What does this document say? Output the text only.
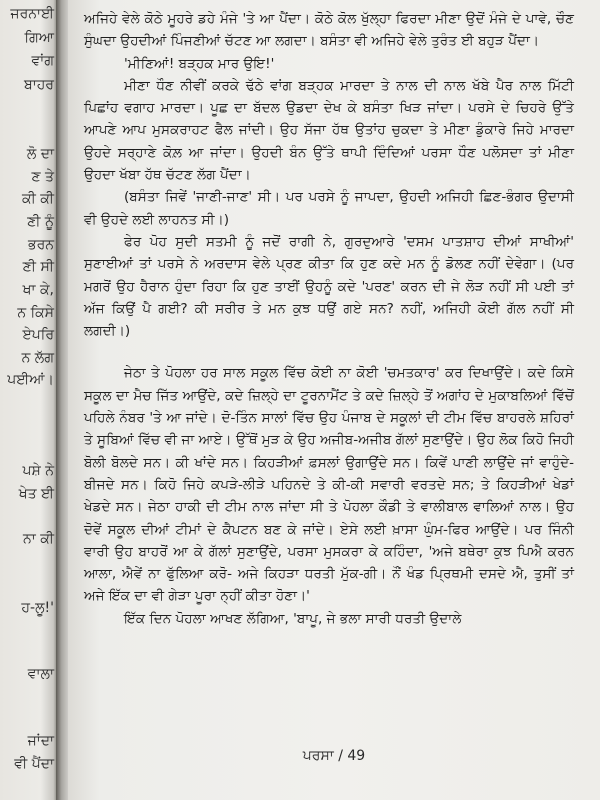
ਜਰਨਾਈ
ਗਿਆ
ਵਾਂਗ
ਬਾਹਰ
ਲੋ ਦਾ
ਣ ਤੇ
ਕੀ ਕੀ
ਣੀ ਨੂੰ
ਭਰਨ
ਣੀ ਸੀ
ਖਾ ਕੇ,
ਨ ਕਿਸੇ
ਏਪਰਿ
ਨ ਲੱਗ
ਪਈਆਂ।
ਪਸ਼ੇ ਨੇ
ਖੇਤ ਈ
ਨਾ ਕੀ
ਹ-ਲੂ!'
ਵਾਲਾ
ਜਾਂਦਾ
ਵੀ ਪੈਂਦਾ

ਅਜਿਹੇ ਵੇਲੇ ਕੋਠੇ ਮੂਹਰੇ ਡਹੇ ਮੰਜੇ 'ਤੇ ਆ ਪੈਂਦਾ। ਕੋਠੇ ਕੋਲ ਖੁੱਲ੍ਹਾ ਫਿਰਦਾ ਮੀਣਾ ਉਦੋਂ ਮੰਜੇ ਦੇ ਪਾਵੇ, ਚੌਣ ਸੁੰਘਦਾ ਉਹਦੀਆਂ ਪਿੰਜਣੀਆਂ ਚੱਟਣ ਆ ਲਗਦਾ। ਬਸੰਤਾ ਵੀ ਅਜਿਹੇ ਵੇਲੇ ਤੁਰੰਤ ਈ ਬਹੁੜ ਪੈਂਦਾ।

'ਮੀਣਿਆਂ! ਬੜ੍ਹਕ ਮਾਰ ਉਇ!'

ਮੀਣਾ ਧੌਣ ਨੀਵੀਂ ਕਰਕੇ ਢੱਠੇ ਵਾਂਗ ਬੜ੍ਹਕ ਮਾਰਦਾ ਤੇ ਨਾਲ ਦੀ ਨਾਲ ਖੱਬੇ ਪੈਰ ਨਾਲ ਮਿੱਟੀ ਪਿਛਾਂਹ ਵਗਾਹ ਮਾਰਦਾ। ਪੂਛ ਦਾ ਬੱਦਲ ਉਡਦਾ ਦੇਖ ਕੇ ਬਸੰਤਾ ਖਿੜ ਜਾਂਦਾ। ਪਰਸੇ ਦੇ ਚਿਹਰੇ ਉੱਤੇ ਆਪਣੇ ਆਪ ਮੁਸਕਰਾਹਟ ਫੈਲ ਜਾਂਦੀ। ਉਹ ਸੱਜਾ ਹੱਥ ਉਤਾਂਹ ਚੁਕਦਾ ਤੇ ਮੀਣਾ ਡੁੰਕਾਰੇ ਜਿਹੇ ਮਾਰਦਾ ਉਹਦੇ ਸਰ੍ਹਾਣੇ ਕੋਲ਼ ਆ ਜਾਂਦਾ। ਉਹਦੀ ਬੰਨ ਉੱਤੇ ਥਾਪੀ ਦਿੰਦਿਆਂ ਪਰਸਾ ਧੌਣ ਪਲੋਸਦਾ ਤਾਂ ਮੀਣਾ ਉਹਦਾ ਖੱਬਾ ਹੱਥ ਚੱਟਣ ਲੱਗ ਪੈਂਦਾ।

(ਬਸੰਤਾ ਜਿਵੇਂ 'ਜਾਣੀ-ਜਾਣ' ਸੀ। ਪਰ ਪਰਸੇ ਨੂੰ ਜਾਪਦਾ, ਉਹਦੀ ਅਜਿਹੀ ਛਿਣ-ਭੰਗਰ ਉਦਾਸੀ ਵੀ ਉਹਦੇ ਲਈ ਲਾਹਨਤ ਸੀ।)

ਫੇਰ ਪੋਹ ਸੁਦੀ ਸਤਮੀ ਨੂੰ ਜਦੋਂ ਰਾਗੀ ਨੇ, ਗੁਰਦੁਆਰੇ 'ਦਸਮ ਪਾਤਸ਼ਾਹ ਦੀਆਂ ਸਾਖੀਆਂ' ਸੁਣਾਈਆਂ ਤਾਂ ਪਰਸੇ ਨੇ ਅਰਦਾਸ ਵੇਲੇ ਪ੍ਰਣ ਕੀਤਾ ਕਿ ਹੁਣ ਕਦੇ ਮਨ ਨੂੰ ਡੋਲਣ ਨਹੀਂ ਦੇਵੇਗਾ। (ਪਰ ਮਗਰੋਂ ਉਹ ਹੈਰਾਨ ਹੁੰਦਾ ਰਿਹਾ ਕਿ ਹੁਣ ਤਾਈਂ ਉਹਨੂੰ ਕਦੇ 'ਪਰਣ' ਕਰਨ ਦੀ ਜੇ ਲੋੜ ਨਹੀਂ ਸੀ ਪਈ ਤਾਂ ਅੱਜ ਕਿਉਂ ਪੈ ਗਈ? ਕੀ ਸਰੀਰ ਤੇ ਮਨ ਕੁਝ ਧਉਂ ਗਏ ਸਨ? ਨਹੀਂ, ਅਜਿਹੀ ਕੋਈ ਗੱਲ ਨਹੀਂ ਸੀ ਲਗਦੀ।)

ਜੇਠਾ ਤੇ ਪੋਹਲਾ ਹਰ ਸਾਲ ਸਕੂਲ ਵਿੱਚ ਕੋਈ ਨਾ ਕੋਈ 'ਚਮਤਕਾਰ' ਕਰ ਦਿਖਾਉਂਦੇ। ਕਦੇ ਕਿਸੇ ਸਕੂਲ ਦਾ ਮੈਚ ਜਿੱਤ ਆਉਂਦੇ, ਕਦੇ ਜ਼ਿਲ੍ਹੇ ਦਾ ਟੂਰਨਾਮੈਂਟ ਤੇ ਕਦੇ ਜ਼ਿਲ੍ਹੇ ਤੋਂ ਅਗਾਂਹ ਦੇ ਮੁਕਾਬਲਿਆਂ ਵਿੱਚੋਂ ਪਹਿਲੇ ਨੰਬਰ 'ਤੇ ਆ ਜਾਂਦੇ। ਦੋ-ਤਿੰਨ ਸਾਲਾਂ ਵਿੱਚ ਉਹ ਪੰਜਾਬ ਦੇ ਸਕੂਲਾਂ ਦੀ ਟੀਮ ਵਿੱਚ ਬਾਹਰਲੇ ਸ਼ਹਿਰਾਂ ਤੇ ਸੂਬਿਆਂ ਵਿੱਚ ਵੀ ਜਾ ਆਏ। ਉੱਥੋਂ ਮੁੜ ਕੇ ਉਹ ਅਜੀਬ-ਅਜੀਬ ਗੱਲਾਂ ਸੁਣਾਉਂਦੇ। ਉਹ ਲੋਕ ਕਿਹੋ ਜਿਹੀ ਬੋਲੀ ਬੋਲਦੇ ਸਨ। ਕੀ ਖਾਂਦੇ ਸਨ। ਕਿਹੜੀਆਂ ਫ਼ਸਲਾਂ ਉਗਾਉਂਦੇ ਸਨ। ਕਿਵੇਂ ਪਾਣੀ ਲਾਉਂਦੇ ਜਾਂ ਵਾਹੁੰਦੇ-ਬੀਜਦੇ ਸਨ। ਕਿਹੋ ਜਿਹੇ ਕਪੜੇ-ਲੀੜੇ ਪਹਿਨਦੇ ਤੇ ਕੀ-ਕੀ ਸਵਾਰੀ ਵਰਤਦੇ ਸਨ; ਤੇ ਕਿਹੜੀਆਂ ਖੇਡਾਂ ਖੇਡਦੇ ਸਨ। ਜੇਠਾ ਹਾਕੀ ਦੀ ਟੀਮ ਨਾਲ ਜਾਂਦਾ ਸੀ ਤੇ ਪੋਹਲਾ ਕੌਡੀ ਤੇ ਵਾਲੀਬਾਲ ਵਾਲਿਆਂ ਨਾਲ। ਉਹ ਦੋਵੇਂ ਸਕੂਲ ਦੀਆਂ ਟੀਮਾਂ ਦੇ ਕੈਪਟਨ ਬਣ ਕੇ ਜਾਂਦੇ। ਏਸੇ ਲਈ ਖ਼ਾਸਾ ਘੁੰਮ-ਫਿਰ ਆਉਂਦੇ। ਪਰ ਜਿੰਨੀ ਵਾਰੀ ਉਹ ਬਾਹਰੋਂ ਆ ਕੇ ਗੱਲਾਂ ਸੁਣਾਉਂਦੇ, ਪਰਸਾ ਮੁਸਕਰਾ ਕੇ ਕਹਿੰਦਾ, 'ਅਜੇ ਬਥੇਰਾ ਕੁਝ ਪਿਐ ਕਰਨ ਆਲਾ, ਐਵੇਂ ਨਾ ਫੁੱਲਿਆ ਕਰੋ- ਅਜੇ ਕਿਹੜਾ ਧਰਤੀ ਮੁੱਕ-ਗੀ। ਨੌਂ ਖੰਡ ਪ੍ਰਿਥਮੀ ਦਸਦੇ ਐ, ਤੁਸੀਂ ਤਾਂ ਅਜੇ ਇੱਕ ਦਾ ਵੀ ਗੇੜਾ ਪੂਰਾ ਨ੍ਹੀਂ ਕੀਤਾ ਹੋਣਾ।'

ਇੱਕ ਦਿਨ ਪੋਹਲਾ ਆਖਣ ਲੱਗਿਆ, 'ਬਾਪੂ, ਜੇ ਭਲਾ ਸਾਰੀ ਧਰਤੀ ਉਦਾਲੇ

ਪਰਸਾ / 49
